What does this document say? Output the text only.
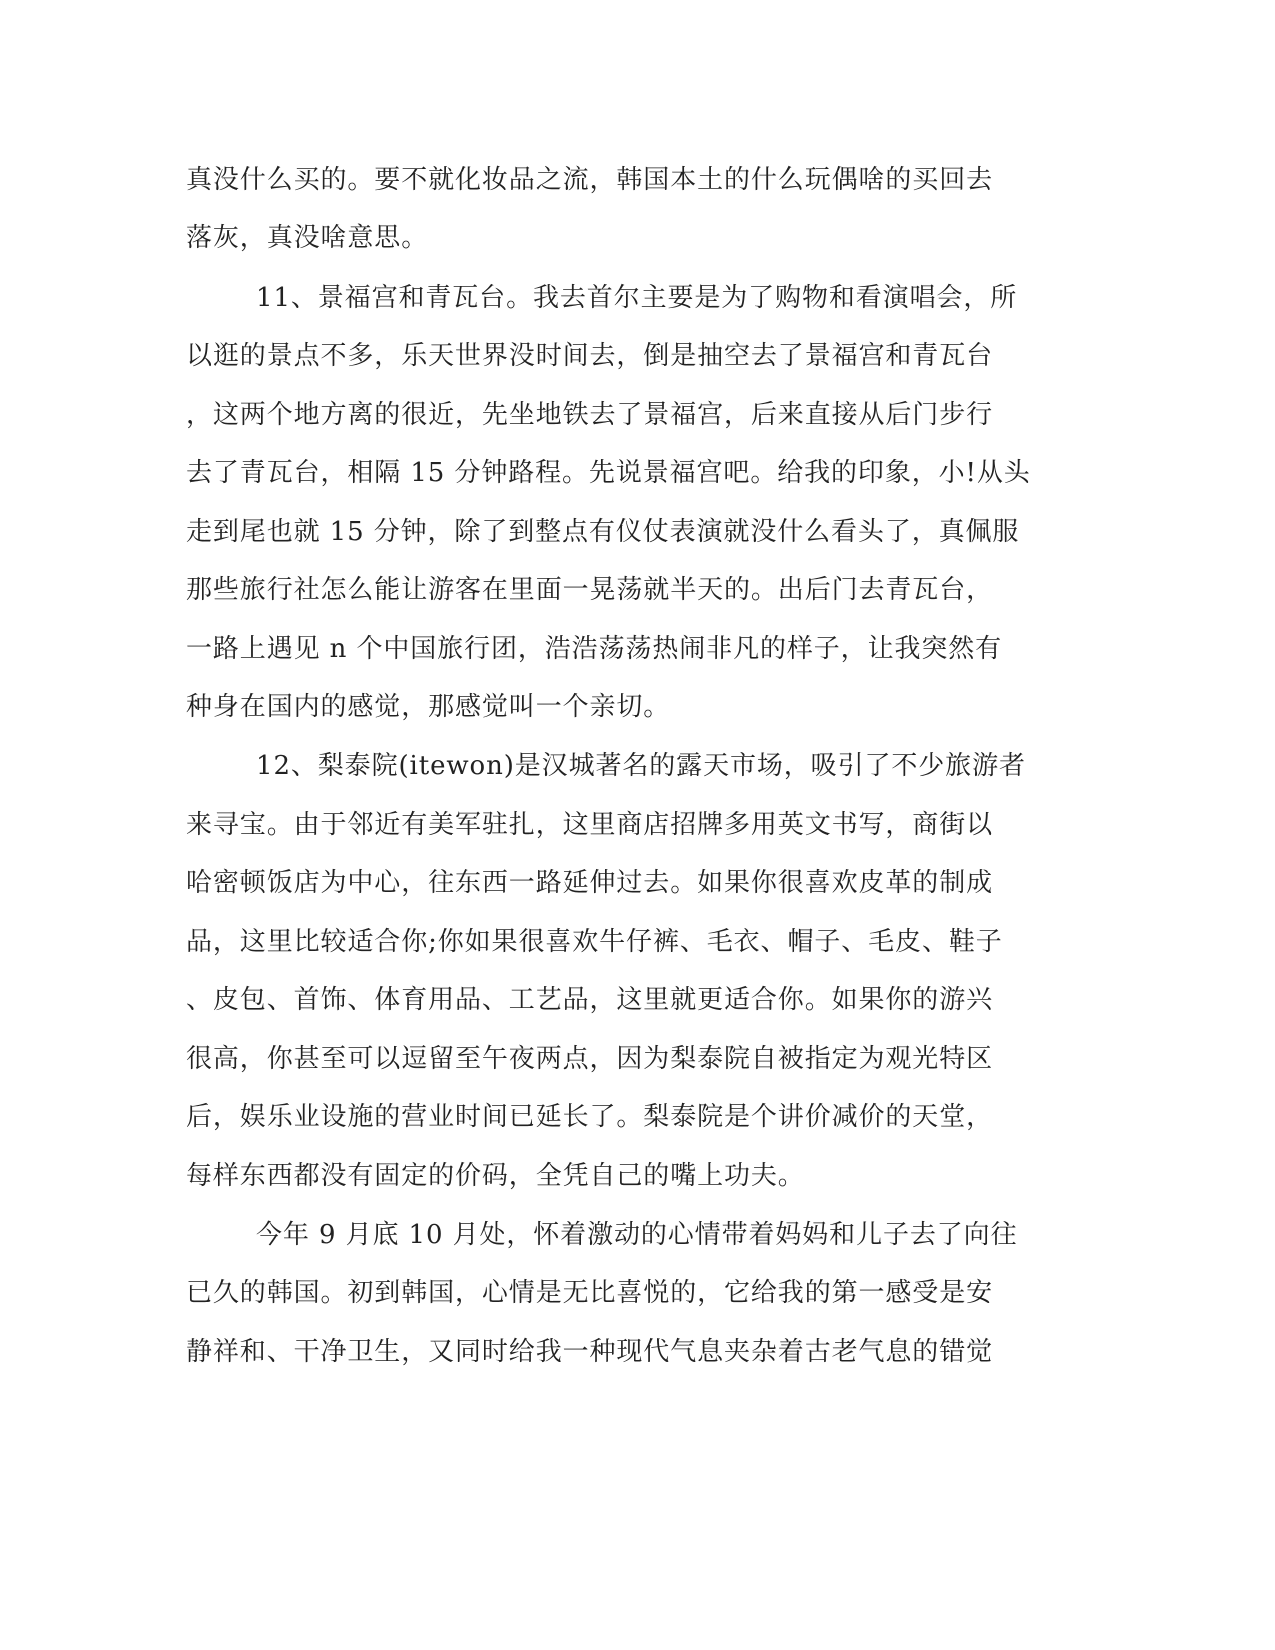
真没什么买的。要不就化妆品之流，韩国本土的什么玩偶啥的买回去
落灰，真没啥意思。
11、景福宫和青瓦台。我去首尔主要是为了购物和看演唱会，所
以逛的景点不多，乐天世界没时间去，倒是抽空去了景福宫和青瓦台
，这两个地方离的很近，先坐地铁去了景福宫，后来直接从后门步行
去了青瓦台，相隔 15 分钟路程。先说景福宫吧。给我的印象，小!从头
走到尾也就 15 分钟，除了到整点有仪仗表演就没什么看头了，真佩服
那些旅行社怎么能让游客在里面一晃荡就半天的。出后门去青瓦台，
一路上遇见 n 个中国旅行团，浩浩荡荡热闹非凡的样子，让我突然有
种身在国内的感觉，那感觉叫一个亲切。
12、梨泰院(itewon)是汉城著名的露天市场，吸引了不少旅游者
来寻宝。由于邻近有美军驻扎，这里商店招牌多用英文书写，商街以
哈密顿饭店为中心，往东西一路延伸过去。如果你很喜欢皮革的制成
品，这里比较适合你;你如果很喜欢牛仔裤、毛衣、帽子、毛皮、鞋子
、皮包、首饰、体育用品、工艺品，这里就更适合你。如果你的游兴
很高，你甚至可以逗留至午夜两点，因为梨泰院自被指定为观光特区
后，娱乐业设施的营业时间已延长了。梨泰院是个讲价减价的天堂，
每样东西都没有固定的价码，全凭自己的嘴上功夫。
今年 9 月底 10 月处，怀着激动的心情带着妈妈和儿子去了向往
已久的韩国。初到韩国，心情是无比喜悦的，它给我的第一感受是安
静祥和、干净卫生，又同时给我一种现代气息夹杂着古老气息的错觉
